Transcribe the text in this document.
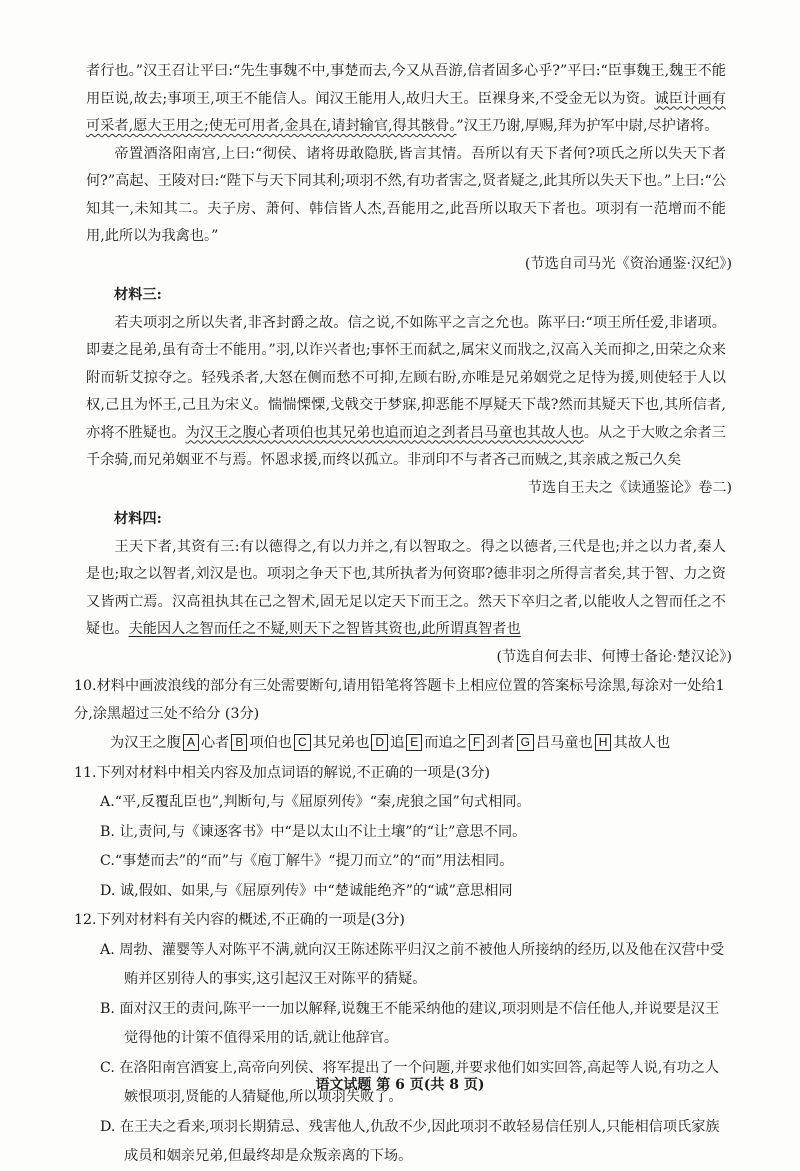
者行也。”汉王召让平曰:“先生事魏不中,事楚而去,今又从吾游,信者固多心乎?”平曰:“臣事魏王,魏王不能用臣说,故去;事项王,项王不能信人。闻汉王能用人,故归大王。臣裸身来,不受金无以为资。诚臣计画有可采者,愿大王用之;使无可用者,金具在,请封输官,得其骸骨。”汉王乃谢,厚赐,拜为护军中尉,尽护诸将。

帝置酒洛阳南宫,上曰:“彻侯、诸将毋敢隐朕,皆言其情。吾所以有天下者何?项氏之所以失天下者何?”高起、王陵对曰:“陛下与天下同其利;项羽不然,有功者害之,贤者疑之,此其所以失天下也。”上曰:“公知其一,未知其二。夫子房、萧何、韩信皆人杰,吾能用之,此吾所以取天下者也。项羽有一范增而不能用,此所以为我禽也。”

(节选自司马光《资治通鉴·汉纪》)
材料三:

若夫项羽之所以失者,非吝封爵之故。信之说,不如陈平之言之允也。陈平曰:“项王所任爱,非诸项。即妻之昆弟,虽有奇士不能用。”羽,以诈兴者也;事怀王而弑之,属宋义而戕之,汉高入关而抑之,田荣之众来附而斩艾掠夺之。轻残杀者,大怒在侧而愁不可抑,左顾右盼,亦唯是兄弟姻党之足恃为援,则使轻于人以权,己且为怀王,己且为宋义。惴惴慄慄,戈戟交于梦寐,抑恶能不厚疑天下哉?然而其疑天下也,其所信者,亦将不胜疑也。为汉王之腹心者项伯也其兄弟也追而迫之刭者吕马童也其故人也。从之于大败之余者三千余骑,而兄弟姻亚不与焉。怀恩求援,而终以孤立。非刓印不与者吝己而贼之,其亲戚之叛己久矣

节选自王夫之《读通鉴论》卷二)
材料四:

王天下者,其资有三:有以德得之,有以力并之,有以智取之。得之以德者,三代是也;并之以力者,秦人是也;取之以智者,刘汉是也。项羽之争天下也,其所执者为何资耶?德非羽之所得言者矣,其于智、力之资又皆两亡焉。汉高祖执其在己之智术,固无足以定天下而王之。然天下卒归之者,以能收人之智而任之不疑也。夫能因人之智而任之不疑,则天下之智皆其资也,此所谓真智者也

(节选自何去非、何博士备论·楚汉论》)
10.材料中画波浪线的部分有三处需要断句,请用铅笔将答题卡上相应位置的答案标号涂黑,每涂对一处给1分,涂黑超过三处不给分 (3分)
为汉王之腹 A 心者 B 项伯也 C 其兄弟也 D 追 E 而追之 F 刭者 G 吕马童也 H 其故人也
11.下列对材料中相关内容及加点词语的解说,不正确的一项是(3分)
A.“平,反覆乱臣也”,判断句,与《屈原列传》“秦,虎狼之国”句式相同。
B. 让,责问,与《谏逐客书》中“是以太山不让土壤”的“让”意思不同。
C.“事楚而去”的“而”与《庖丁解牛》“提刀而立”的“而”用法相同。
D. 诚,假如、如果,与《屈原列传》中“楚诚能绝齐”的“诚”意思相同
12.下列对材料有关内容的概述,不正确的一项是(3分)
A. 周勃、灌婴等人对陈平不满,就向汉王陈述陈平归汉之前不被他人所接纳的经历,以及他在汉营中受
贿并区别待人的事实,这引起汉王对陈平的猜疑。
B. 面对汉王的责问,陈平一一加以解释,说魏王不能采纳他的建议,项羽则是不信任他人,并说要是汉王
觉得他的计策不值得采用的话,就让他辞官。
C. 在洛阳南宫酒宴上,高帝向列侯、将军提出了一个问题,并要求他们如实回答,高起等人说,有功之人
嫉恨项羽,贤能的人猜疑他,所以项羽失败了。
D. 在王夫之看来,项羽长期猜忌、残害他人,仇敌不少,因此项羽不敢轻易信任别人,只能相信项氏家族
成员和姻亲兄弟,但最终却是众叛亲离的下场。
语文试题 第 6 页(共 8 页)
